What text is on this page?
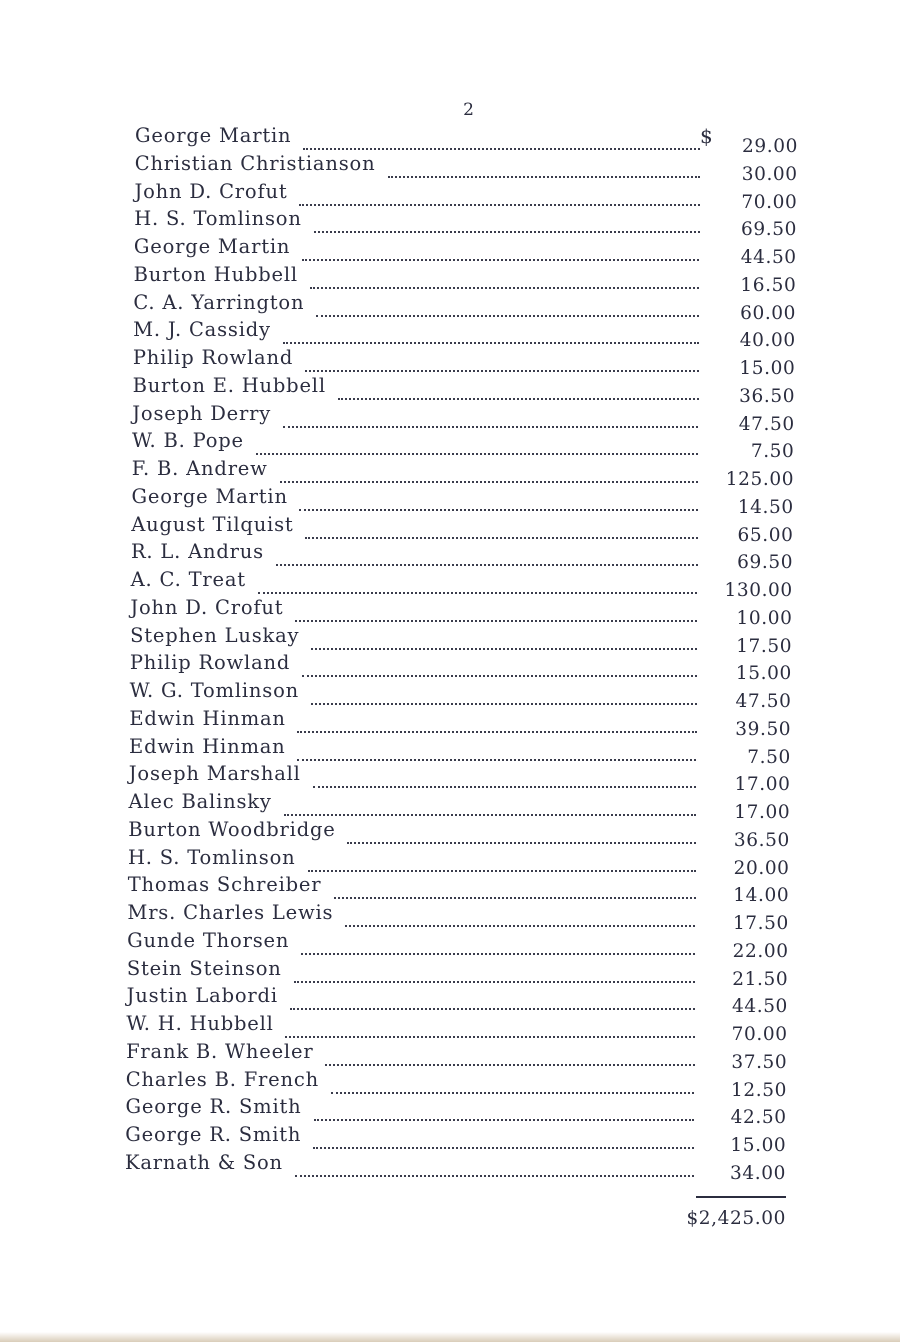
2
George Martin	$	29.00
Christian Christianson	30.00
John D. Crofut	70.00
H. S. Tomlinson	69.50
George Martin	44.50
Burton Hubbell	16.50
C. A. Yarrington	60.00
M. J. Cassidy	40.00
Philip Rowland	15.00
Burton E. Hubbell	36.50
Joseph Derry	47.50
W. B. Pope	7.50
F. B. Andrew	125.00
George Martin	14.50
August Tilquist	65.00
R. L. Andrus	69.50
A. C. Treat	130.00
John D. Crofut	10.00
Stephen Luskay	17.50
Philip Rowland	15.00
W. G. Tomlinson	47.50
Edwin Hinman	39.50
Edwin Hinman	7.50
Joseph Marshall	17.00
Alec Balinsky	17.00
Burton Woodbridge	36.50
H. S. Tomlinson	20.00
Thomas Schreiber	14.00
Mrs. Charles Lewis	17.50
Gunde Thorsen	22.00
Stein Steinson	21.50
Justin Labordi	44.50
W. H. Hubbell	70.00
Frank B. Wheeler	37.50
Charles B. French	12.50
George R. Smith	42.50
George R. Smith	15.00
Karnath & Son	34.00
$2,425.00
